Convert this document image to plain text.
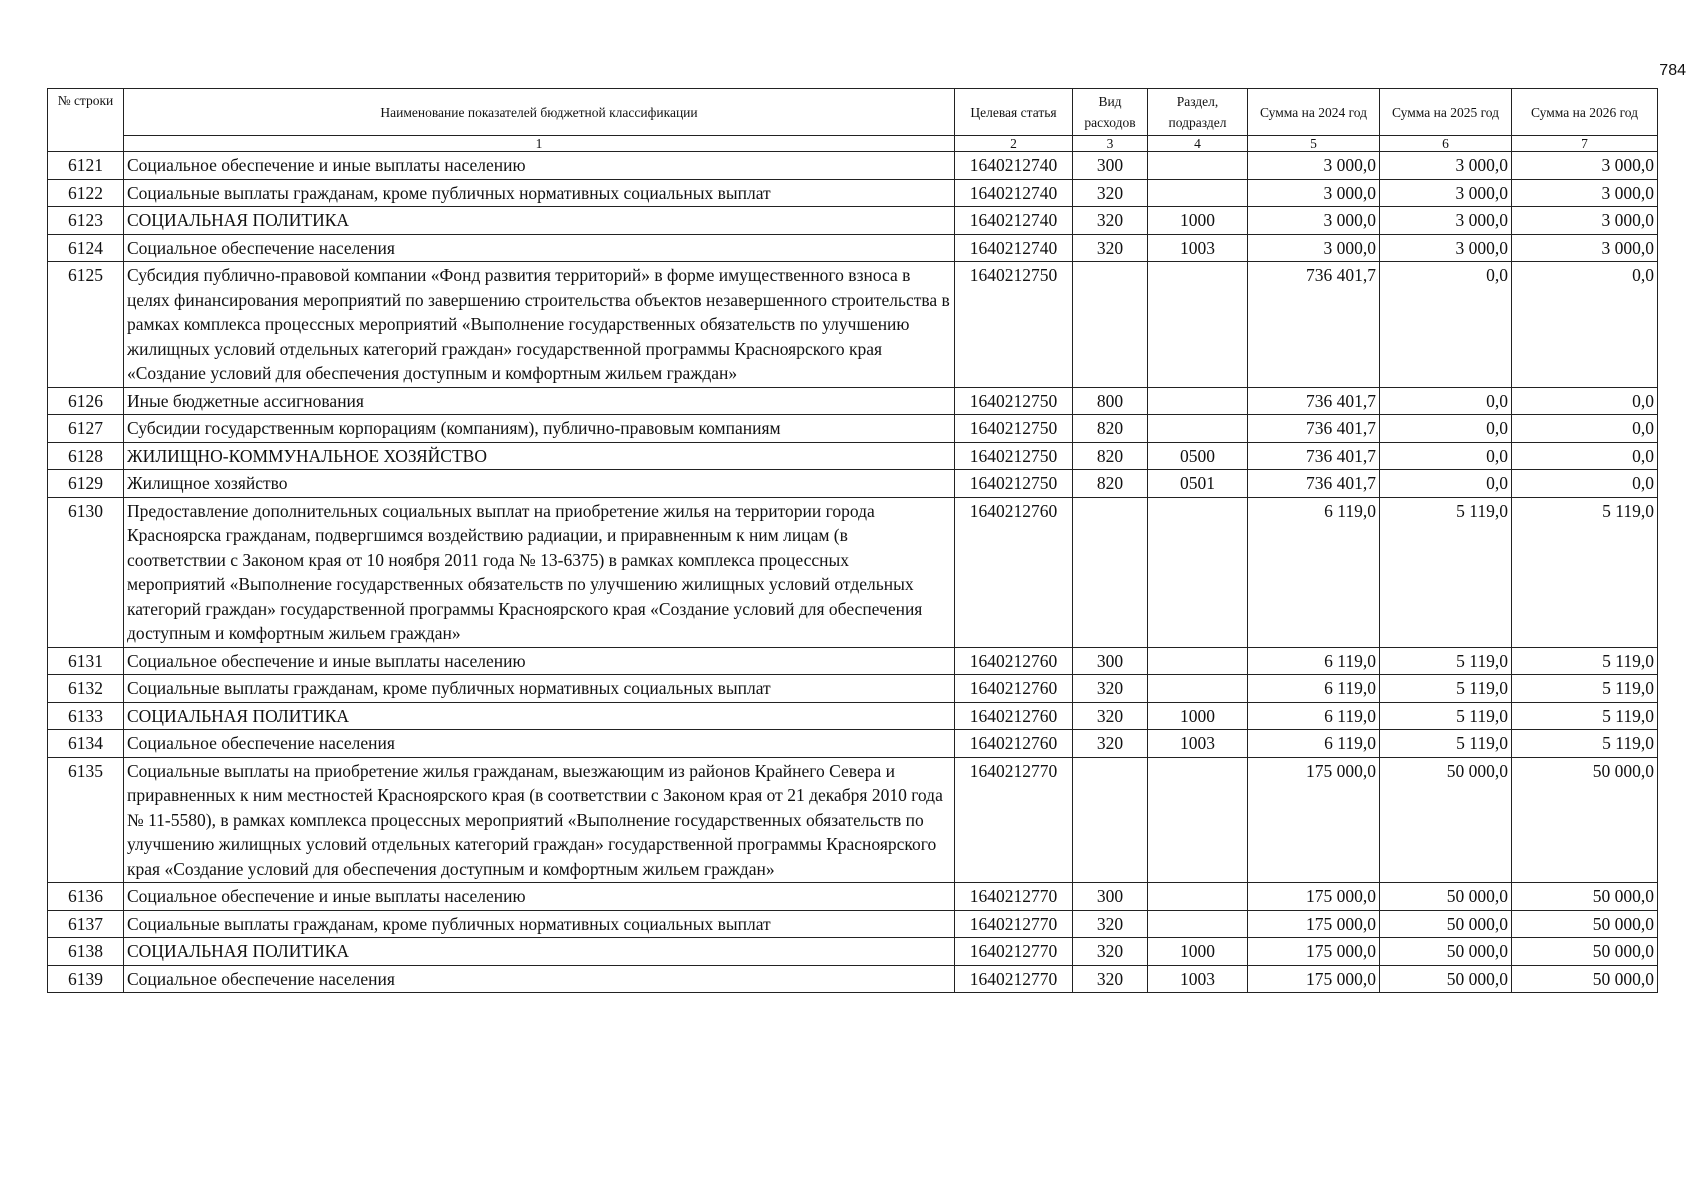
784
№ строки	Наименование показателей бюджетной классификации	Целевая статья	Вид расходов	Раздел, подраздел	Сумма на 2024 год	Сумма на 2025 год	Сумма на 2026 год
	1	2	3	4	5	6	7
6121	Социальное обеспечение и иные выплаты населению	1640212740	300		3 000,0	3 000,0	3 000,0
6122	Социальные выплаты гражданам, кроме публичных нормативных социальных выплат	1640212740	320		3 000,0	3 000,0	3 000,0
6123	СОЦИАЛЬНАЯ ПОЛИТИКА	1640212740	320	1000	3 000,0	3 000,0	3 000,0
6124	Социальное обеспечение населения	1640212740	320	1003	3 000,0	3 000,0	3 000,0
6125	Субсидия публично-правовой компании «Фонд развития территорий» в форме имущественного взноса в целях финансирования мероприятий по завершению строительства объектов незавершенного строительства в рамках комплекса процессных мероприятий «Выполнение государственных обязательств по улучшению жилищных условий отдельных категорий граждан» государственной программы Красноярского края «Создание условий для обеспечения доступным и комфортным жильем граждан»	1640212750			736 401,7	0,0	0,0
6126	Иные бюджетные ассигнования	1640212750	800		736 401,7	0,0	0,0
6127	Субсидии государственным корпорациям (компаниям), публично-правовым компаниям	1640212750	820		736 401,7	0,0	0,0
6128	ЖИЛИЩНО-КОММУНАЛЬНОЕ ХОЗЯЙСТВО	1640212750	820	0500	736 401,7	0,0	0,0
6129	Жилищное хозяйство	1640212750	820	0501	736 401,7	0,0	0,0
6130	Предоставление дополнительных социальных выплат на приобретение жилья на территории города Красноярска гражданам, подвергшимся воздействию радиации, и приравненным к ним лицам (в соответствии с Законом края от 10 ноября 2011 года № 13-6375) в рамках комплекса процессных мероприятий «Выполнение государственных обязательств по улучшению жилищных условий отдельных категорий граждан» государственной программы Красноярского края «Создание условий для обеспечения доступным и комфортным жильем граждан»	1640212760			6 119,0	5 119,0	5 119,0
6131	Социальное обеспечение и иные выплаты населению	1640212760	300		6 119,0	5 119,0	5 119,0
6132	Социальные выплаты гражданам, кроме публичных нормативных социальных выплат	1640212760	320		6 119,0	5 119,0	5 119,0
6133	СОЦИАЛЬНАЯ ПОЛИТИКА	1640212760	320	1000	6 119,0	5 119,0	5 119,0
6134	Социальное обеспечение населения	1640212760	320	1003	6 119,0	5 119,0	5 119,0
6135	Социальные выплаты на приобретение жилья гражданам, выезжающим из районов Крайнего Севера и приравненных к ним местностей Красноярского края (в соответствии с Законом края от 21 декабря 2010 года № 11-5580), в рамках комплекса процессных мероприятий «Выполнение государственных обязательств по улучшению жилищных условий отдельных категорий граждан» государственной программы Красноярского края «Создание условий для обеспечения доступным и комфортным жильем граждан»	1640212770			175 000,0	50 000,0	50 000,0
6136	Социальное обеспечение и иные выплаты населению	1640212770	300		175 000,0	50 000,0	50 000,0
6137	Социальные выплаты гражданам, кроме публичных нормативных социальных выплат	1640212770	320		175 000,0	50 000,0	50 000,0
6138	СОЦИАЛЬНАЯ ПОЛИТИКА	1640212770	320	1000	175 000,0	50 000,0	50 000,0
6139	Социальное обеспечение населения	1640212770	320	1003	175 000,0	50 000,0	50 000,0
